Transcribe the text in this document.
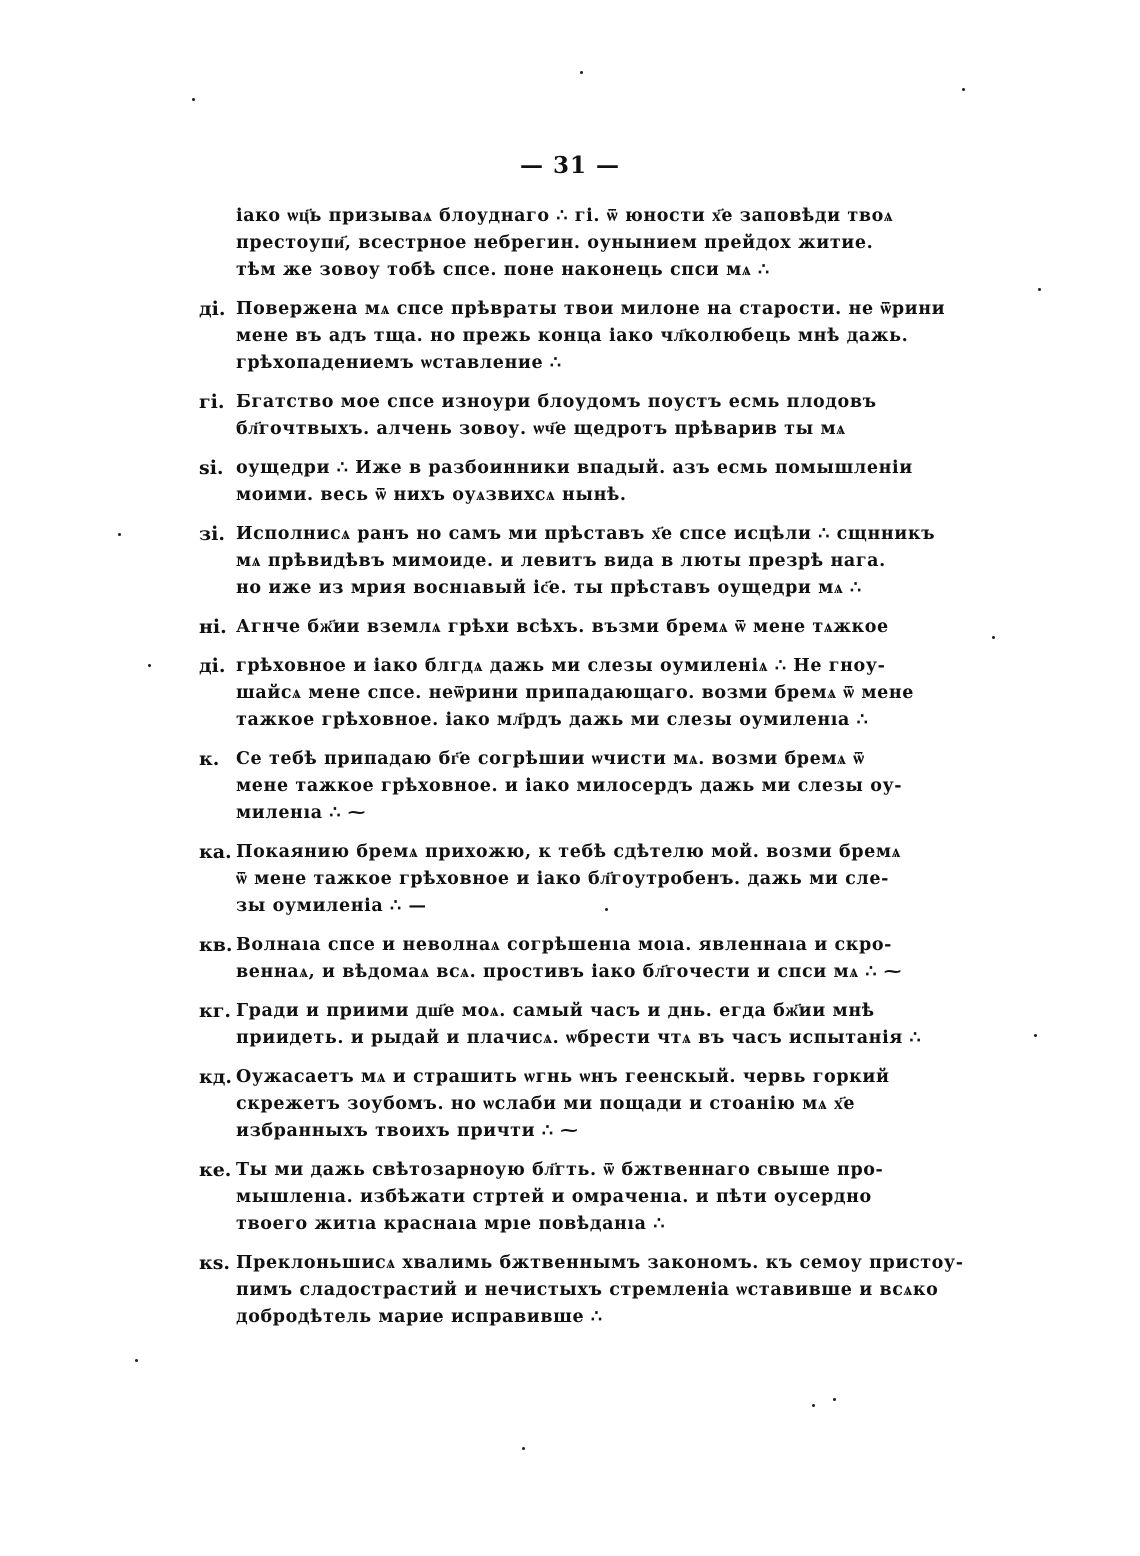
— 31 —
іако ѡц҃ь призываѧ блоуднаго ∴ гі. ѿ юности х҃е заповѣди твоѧ
престоупи҃, всестрное небрегин. оунынием прейдох житие.
тѣм же зовоу тобѣ спсе. поне наконець спси мѧ ∴
ді. Повержена мѧ спсе прѣвраты твои милоне на старости. не ѿрини
мене въ адъ тща. но прежь конца іако чл҃колюбець мнѣ дажь.
грѣхопадениемъ ѡставление ∴
гі. Бгатство мое спсе изноури блоудомъ поустъ есмь плодовъ
бл҃гочтвыхъ. алчень зовоу. ѡч҃е щедротъ прѣварив ты мѧ
ѕі. оущедри ∴ Иже в разбоинники впадый. азъ есмь помышленіи
моими. весь ѿ нихъ оуѧзвихсѧ нынѣ.
зі. Исполнисѧ ранъ но самъ ми прѣставъ х҃е спсе исцѣли ∴ сщнникъ
мѧ прѣвидѣвъ мимоиде. и левитъ вида в люты презрѣ нага.
но иже из мрия воснıавый іс҃е. ты прѣставъ оущедри мѧ ∴
ні. Агнче бж҃ии вземлѧ грѣхи всѣхъ. възми бремѧ ѿ мене тѧжкое
ді. грѣховное и іако блгдѧ дажь ми слезы оумиленіѧ ∴ Не гноу-
шайсѧ мене спсе. неѿрини припадающаго. возми бремѧ ѿ мене
тажкое грѣховное. іако мл҃рдъ дажь ми слезы оумиленıа ∴
к. Се тебѣ припадаю бг҃е согрѣшии ѡчисти мѧ. возми бремѧ ѿ
мене тажкое грѣховное. и іако милосердъ дажь ми слезы оу-
миленıа ∴ ⁓
ка. Покаянию бремѧ прихожю, к тебѣ сдѣтелю мой. возми бремѧ
ѿ мене тажкое грѣховное и іако бл҃гоутробенъ. дажь ми сле-
зы оумиленіа ∴ —
кв. Волнаıа спсе и неволнаѧ согрѣшенıа моıа. явленнаıа и скро-
веннаѧ, и вѣдомаѧ всѧ. простивъ іако бл҃гочести и спси мѧ ∴ ⁓
кг. Гради и приими дш҃е моѧ. самый часъ и днь. егда бж҃ии мнѣ
приидеть. и рыдай и плачисѧ. ѡбрести чтѧ въ часъ испытанія ∴
кд. Оужасаетъ мѧ и страшить ѡгнь ѡнъ геенскый. червь горкий
скрежетъ зоубомъ. но ѡслаби ми пощади и стоанію мѧ х҃е
избранныхъ твоихъ причти ∴ ⁓
ке. Ты ми дажь свѣтозарноую бл҃гть. ѿ бжтвеннаго свыше про-
мышленıа. избѣжати стртей и омраченıа. и пѣти оусердно
твоего житıа краснаıа мрıе повѣданıа ∴
кѕ. Преклоньшисѧ хвалимь бжтвеннымъ закономъ. къ семоу пристоу-
пимъ сладострастий и нечистыхъ стремленіа ѡставивше и всѧко
добродѣтель марие исправивше ∴
